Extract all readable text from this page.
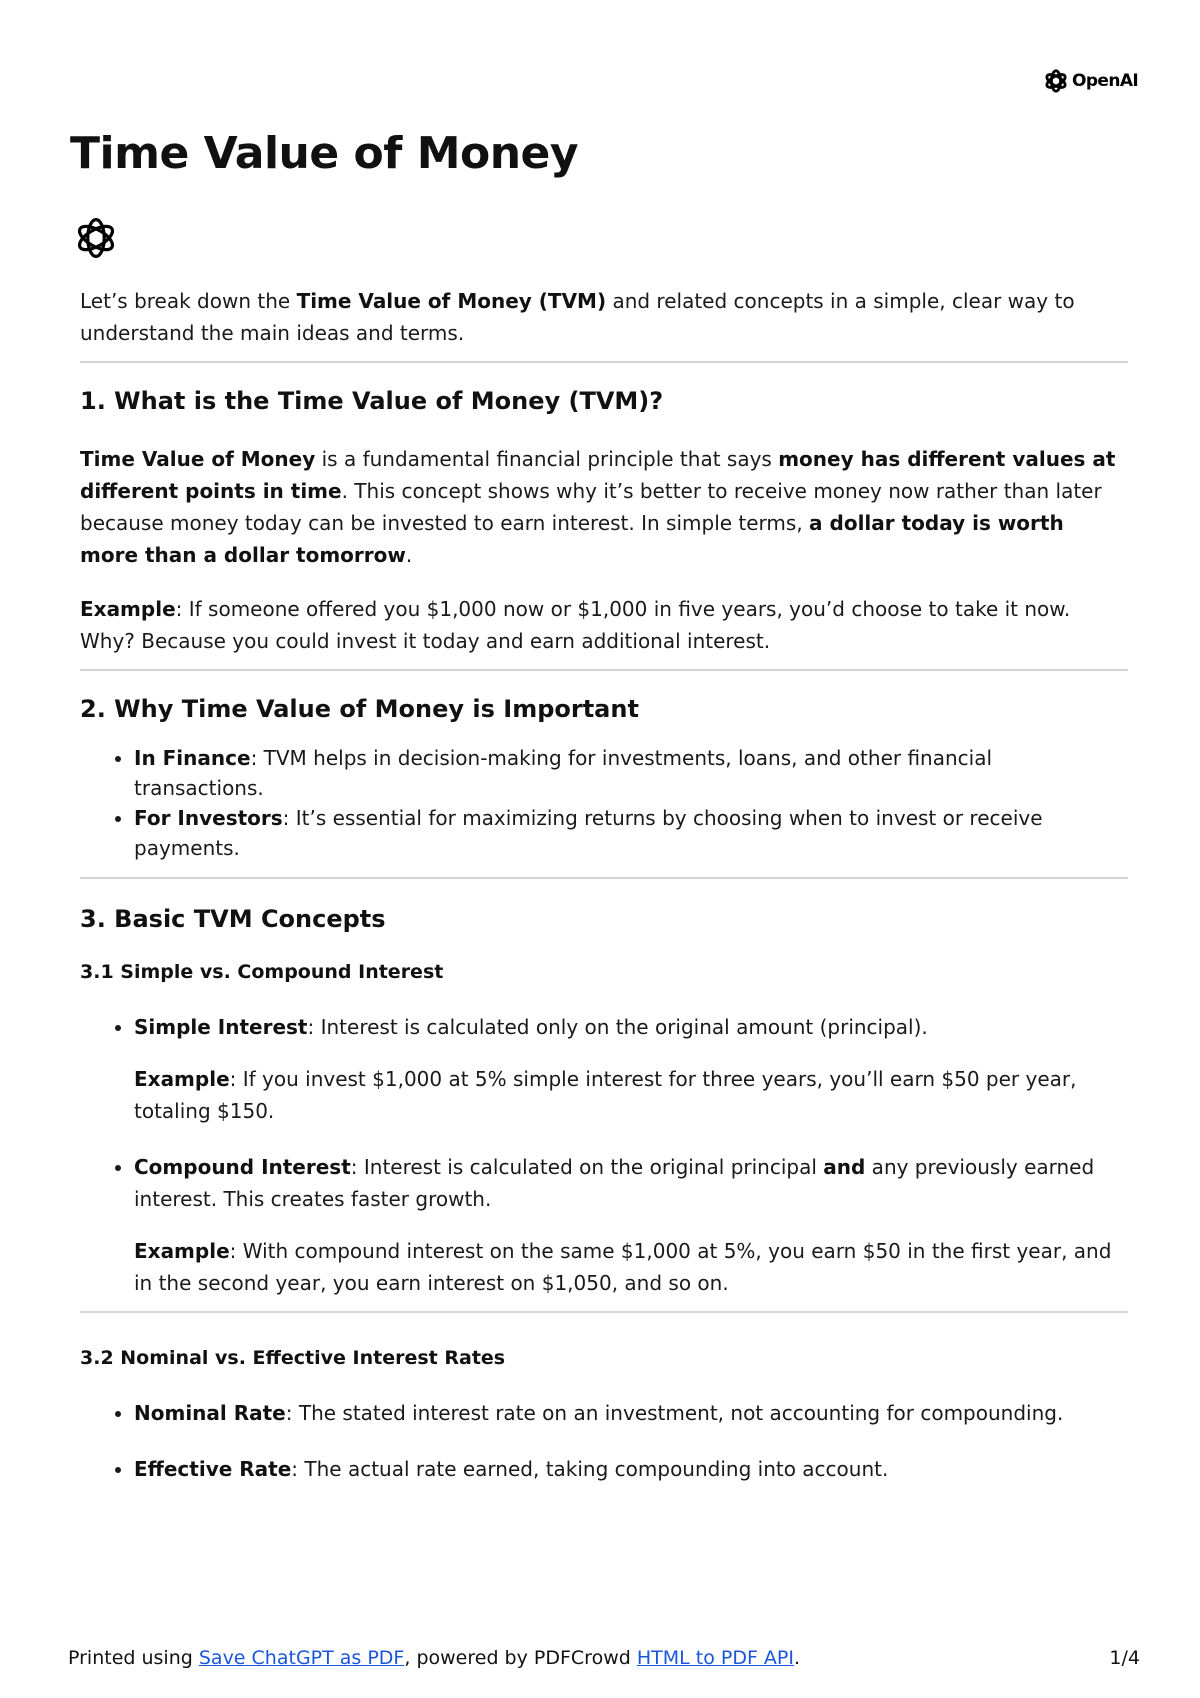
OpenAI
Time Value of Money

Let’s break down the Time Value of Money (TVM) and related concepts in a simple, clear way to understand the main ideas and terms.

1. What is the Time Value of Money (TVM)?

Time Value of Money is a fundamental financial principle that says money has different values at different points in time. This concept shows why it’s better to receive money now rather than later because money today can be invested to earn interest. In simple terms, a dollar today is worth more than a dollar tomorrow.

Example: If someone offered you $1,000 now or $1,000 in five years, you’d choose to take it now. Why? Because you could invest it today and earn additional interest.

2. Why Time Value of Money is Important
• In Finance: TVM helps in decision-making for investments, loans, and other financial transactions.
• For Investors: It’s essential for maximizing returns by choosing when to invest or receive payments.
3. Basic TVM Concepts
3.1 Simple vs. Compound Interest
• Simple Interest: Interest is calculated only on the original amount (principal).

Example: If you invest $1,000 at 5% simple interest for three years, you’ll earn $50 per year, totaling $150.

• Compound Interest: Interest is calculated on the original principal and any previously earned interest. This creates faster growth.

Example: With compound interest on the same $1,000 at 5%, you earn $50 in the first year, and in the second year, you earn interest on $1,050, and so on.

3.2 Nominal vs. Effective Interest Rates
• Nominal Rate: The stated interest rate on an investment, not accounting for compounding.
• Effective Rate: The actual rate earned, taking compounding into account.
Printed using Save ChatGPT as PDF, powered by PDFCrowd HTML to PDF API.	1/4
